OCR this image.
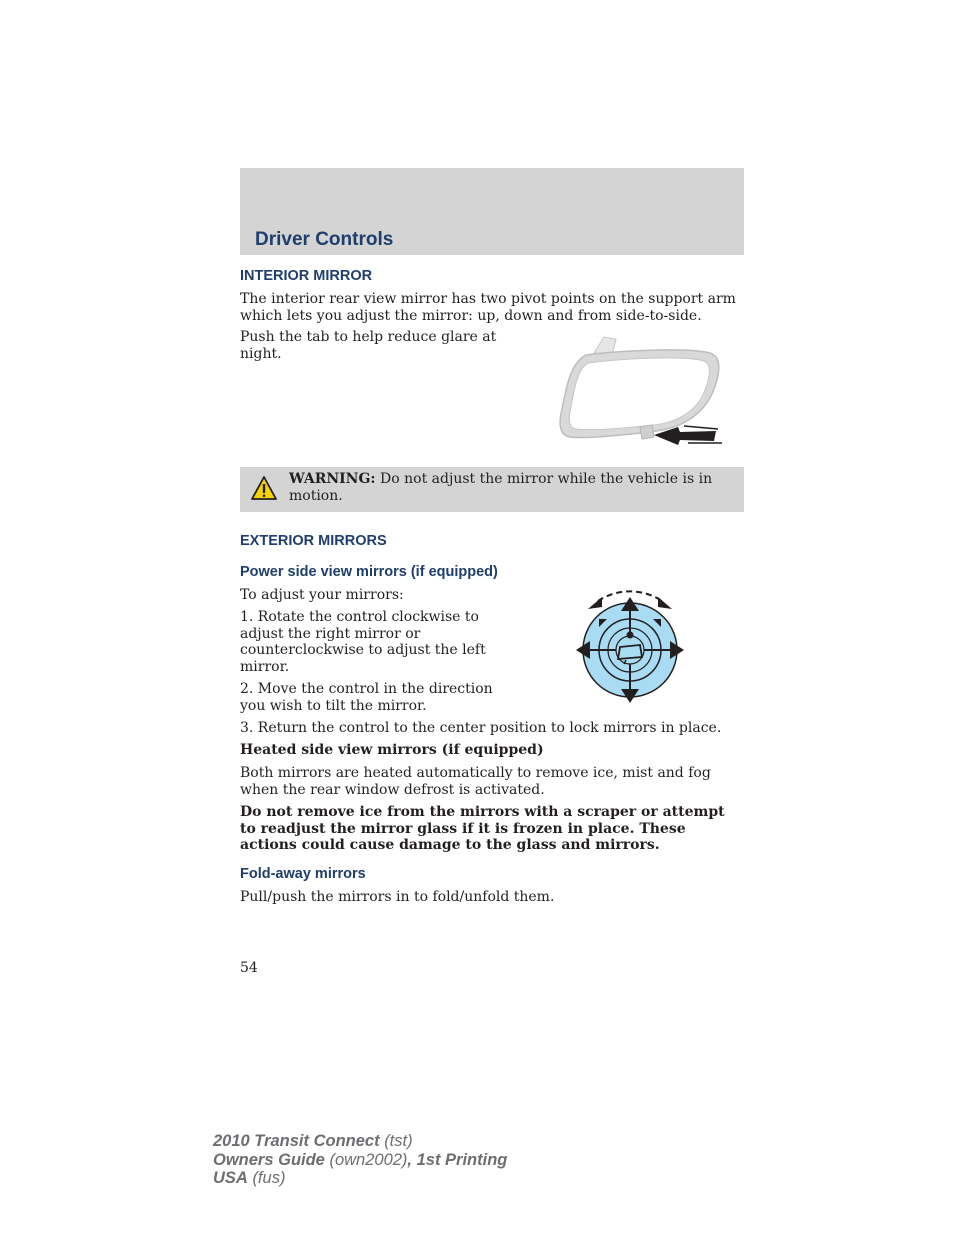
Driver Controls
INTERIOR MIRROR

The interior rear view mirror has two pivot points on the support arm which lets you adjust the mirror: up, down and from side-to-side.

Push the tab to help reduce glare at night.

WARNING: Do not adjust the mirror while the vehicle is in motion.
EXTERIOR MIRRORS
Power side view mirrors (if equipped)

To adjust your mirrors:

1. Rotate the control clockwise to adjust the right mirror or counterclockwise to adjust the left mirror.

2. Move the control in the direction you wish to tilt the mirror.

3. Return the control to the center position to lock mirrors in place.

Heated side view mirrors (if equipped)

Both mirrors are heated automatically to remove ice, mist and fog when the rear window defrost is activated.

Do not remove ice from the mirrors with a scraper or attempt to readjust the mirror glass if it is frozen in place. These actions could cause damage to the glass and mirrors.

Fold-away mirrors

Pull/push the mirrors in to fold/unfold them.

54
2010 Transit Connect (tst)
Owners Guide (own2002), 1st Printing
USA (fus)
